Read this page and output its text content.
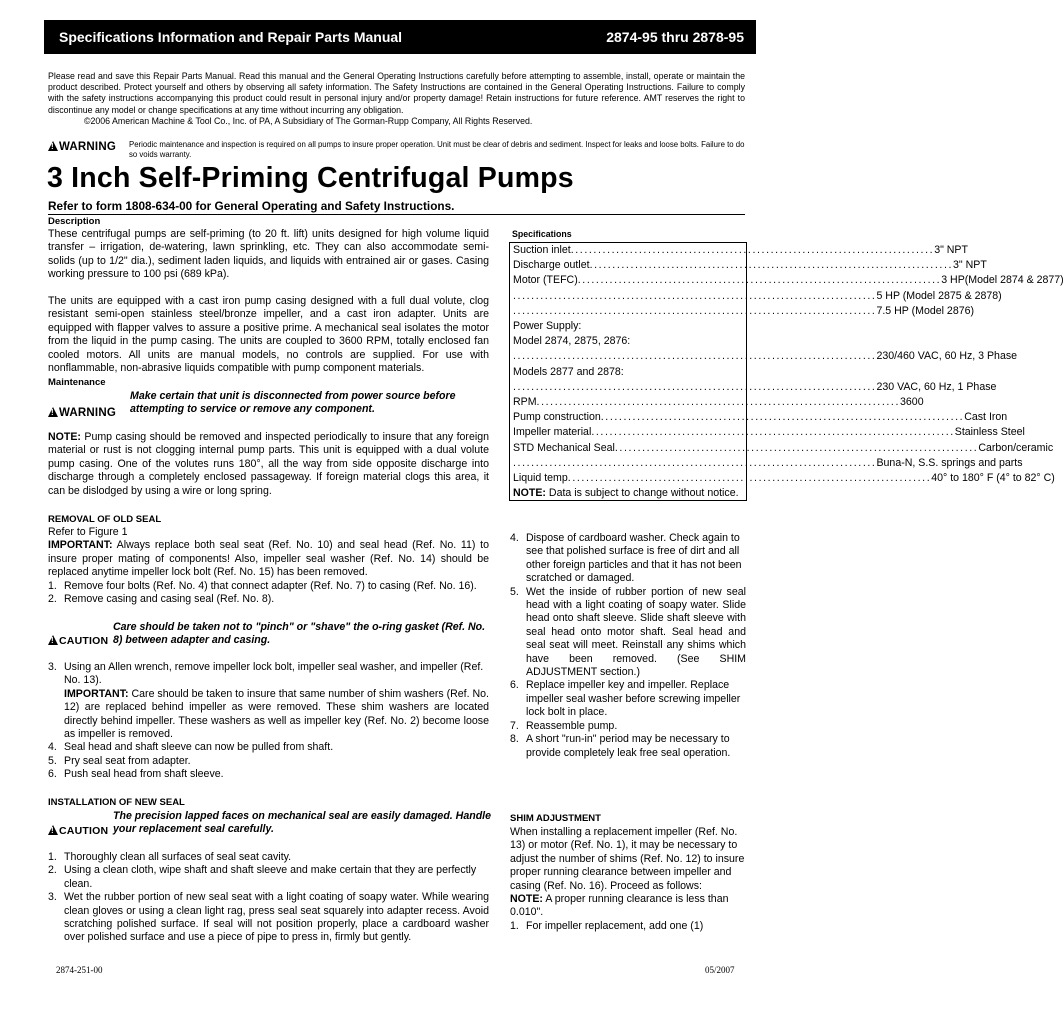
Specifications Information and Repair Parts Manual	2874-95 thru 2878-95
Please read and save this Repair Parts Manual. Read this manual and the General Operating Instructions carefully before attempting to assemble, install, operate or maintain the product described. Protect yourself and others by observing all safety information. The Safety Instructions are contained in the General Operating Instructions. Failure to comply with the safety instructions accompanying this product could result in personal injury and/or property damage! Retain instructions for future reference. AMT reserves the right to discontinue any model or change specifications at any time without incurring any obligation.
©2006 American Machine & Tool Co., Inc. of PA, A Subsidiary of The Gorman-Rupp Company, All Rights Reserved.
!WARNING Periodic maintenance and inspection is required on all pumps to insure proper operation. Unit must be clear of debris and sediment. Inspect for leaks and loose bolts. Failure to do so voids warranty.
3 Inch Self-Priming Centrifugal Pumps
Refer to form 1808-634-00 for General Operating and Safety Instructions.
Description
These centrifugal pumps are self-priming (to 20 ft. lift) units designed for high volume liquid transfer – irrigation, de-watering, lawn sprinkling, etc. They can also accommodate semi-solids (up to 1/2" dia.), sediment laden liquids, and liquids with entrained air or gases. Casing working pressure to 100 psi (689 kPa).
The units are equipped with a cast iron pump casing designed with a full dual volute, clog resistant semi-open stainless steel/bronze impeller, and a cast iron adapter. Units are equipped with flapper valves to assure a positive prime. A mechanical seal isolates the motor from the liquid in the pump casing. The units are coupled to 3600 RPM, totally enclosed fan cooled motors. All units are manual models, no controls are supplied. For use with nonflammable, non-abrasive liquids compatible with pump component materials.
Maintenance
!WARNING
Make certain that unit is disconnected from power source before attempting to service or remove any component.
NOTE: Pump casing should be removed and inspected periodically to insure that any foreign material or rust is not clogging internal pump parts. This unit is equipped with a dual volute pump casing. One of the volutes runs 180°, all the way from side opposite discharge into discharge through a completely enclosed passageway. If foreign material clogs this area, it can be dislodged by using a wire or long spring.
REMOVAL OF OLD SEAL
Refer to Figure 1
IMPORTANT: Always replace both seal seat (Ref. No. 10) and seal head (Ref. No. 11) to insure proper mating of components! Also, impeller seal washer (Ref. No. 14) should be replaced anytime impeller lock bolt (Ref. No. 15) has been removed.
1. Remove four bolts (Ref. No. 4) that connect adapter (Ref. No. 7) to casing (Ref. No. 16).
2. Remove casing and casing seal (Ref. No. 8).
!CAUTION
Care should be taken not to "pinch" or "shave" the o-ring gasket (Ref. No. 8) between adapter and casing.
3. Using an Allen wrench, remove impeller lock bolt, impeller seal washer, and impeller (Ref. No. 13).
IMPORTANT: Care should be taken to insure that same number of shim washers (Ref. No. 12) are replaced behind impeller as were removed. These shim washers are located directly behind impeller. These washers as well as impeller key (Ref. No. 2) become loose as impeller is removed.
4. Seal head and shaft sleeve can now be pulled from shaft.
5. Pry seal seat from adapter.
6. Push seal head from shaft sleeve.
INSTALLATION OF NEW SEAL
!CAUTION
The precision lapped faces on mechanical seal are easily damaged. Handle your replacement seal carefully.
1. Thoroughly clean all surfaces of seal seat cavity.
2. Using a clean cloth, wipe shaft and shaft sleeve and make certain that they are perfectly clean.
3. Wet the rubber portion of new seal seat with a light coating of soapy water. While wearing clean gloves or using a clean light rag, press seal seat squarely into adapter recess. Avoid scratching polished surface. If seal will not position properly, place a cardboard washer over polished surface and use a piece of pipe to press in, firmly but gently.
Specifications
Suction inlet ................................................................................ 3" NPT
Discharge outlet ................................................................................ 3" NPT
Motor (TEFC) ................................................................................ 3 HP(Model 2874 & 2877)
................................................................................ 5 HP (Model 2875 & 2878)
................................................................................ 7.5 HP (Model 2876)
Power Supply:
Model 2874, 2875, 2876:
................................................................................ 230/460 VAC, 60 Hz, 3 Phase
Models 2877 and 2878:
................................................................................ 230 VAC, 60 Hz, 1 Phase
RPM ................................................................................ 3600
Pump construction ................................................................................ Cast Iron
Impeller material ................................................................................ Stainless Steel
STD Mechanical Seal ................................................................................ Carbon/ceramic
................................................................................ Buna-N, S.S. springs and parts
Liquid temp ................................................................................ 40° to 180° F (4° to 82° C)
NOTE: Data is subject to change without notice.
4. Dispose of cardboard washer. Check again to see that polished surface is free of dirt and all other foreign particles and that it has not been scratched or damaged.
5. Wet the inside of rubber portion of new seal head with a light coating of soapy water. Slide head onto shaft sleeve. Slide shaft sleeve with seal head onto motor shaft. Seal head and seal seat will meet. Reinstall any shims which have been removed. (See SHIM ADJUSTMENT section.)
6. Replace impeller key and impeller. Replace impeller seal washer before screwing impeller lock bolt in place.
7. Reassemble pump.
8. A short "run-in" period may be necessary to provide completely leak free seal operation.
SHIM ADJUSTMENT
When installing a replacement impeller (Ref. No. 13) or motor (Ref. No. 1), it may be necessary to adjust the number of shims (Ref. No. 12) to insure proper running clearance between impeller and casing (Ref. No. 16). Proceed as follows:
NOTE: A proper running clearance is less than 0.010".
1. For impeller replacement, add one (1)
2874-251-00	05/2007
